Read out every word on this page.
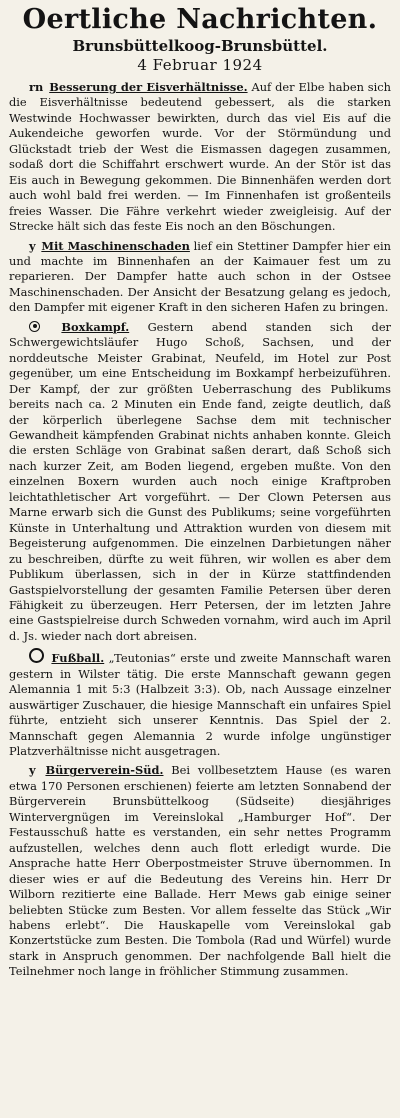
Oertliche Nachrichten.
Brunsbüttelkoog-Brunsbüttel.
4 Februar 1924

rn Besserung der Eisverhältnisse. Auf der Elbe haben sich die Eisverhältnisse bedeutend gebessert, als die starken Westwinde Hochwasser bewirkten, durch das viel Eis auf die Aukendeiche geworfen wurde. Vor der Störmündung und Glückstadt trieb der West die Eismassen dagegen zusammen, sodaß dort die Schiffahrt erschwert wurde. An der Stör ist das Eis auch in Bewegung gekommen. Die Binnenhäfen werden dort auch wohl bald frei werden. — Im Finnenhafen ist großenteils freies Wasser. Die Fähre verkehrt wieder zweigleisig. Auf der Strecke hält sich das feste Eis noch an den Böschungen.

y Mit Maschinenschaden lief ein Stettiner Dampfer hier ein und machte im Binnenhafen an der Kaimauer fest um zu reparieren. Der Dampfer hatte auch schon in der Ostsee Maschinenschaden. Der Ansicht der Besatzung gelang es jedoch, den Dampfer mit eigener Kraft in den sicheren Hafen zu bringen.

Boxkampf. Gestern abend standen sich der Schwergewichtsläufer Hugo Schoß, Sachsen, und der norddeutsche Meister Grabinat, Neufeld, im Hotel zur Post gegenüber, um eine Entscheidung im Boxkampf herbeizuführen. Der Kampf, der zur größten Ueberraschung des Publikums bereits nach ca. 2 Minuten ein Ende fand, zeigte deutlich, daß der körperlich überlegene Sachse dem mit technischer Gewandheit kämpfenden Grabinat nichts anhaben konnte. Gleich die ersten Schläge von Grabinat saßen derart, daß Schoß sich nach kurzer Zeit, am Boden liegend, ergeben mußte. Von den einzelnen Boxern wurden auch noch einige Kraftproben leichtathletischer Art vorgeführt. — Der Clown Petersen aus Marne erwarb sich die Gunst des Publikums; seine vorgeführten Künste in Unterhaltung und Attraktion wurden von diesem mit Begeisterung aufgenommen. Die einzelnen Darbietungen näher zu beschreiben, dürfte zu weit führen, wir wollen es aber dem Publikum überlassen, sich in der in Kürze stattfindenden Gastspielvorstellung der gesamten Familie Petersen über deren Fähigkeit zu überzeugen. Herr Petersen, der im letzten Jahre eine Gastspielreise durch Schweden vornahm, wird auch im April d. Js. wieder nach dort abreisen.

Fußball. „Teutonias“ erste und zweite Mannschaft waren gestern in Wilster tätig. Die erste Mannschaft gewann gegen Alemannia 1 mit 5:3 (Halbzeit 3:3). Ob, nach Aussage einzelner auswärtiger Zuschauer, die hiesige Mannschaft ein unfaires Spiel führte, entzieht sich unserer Kenntnis. Das Spiel der 2. Mannschaft gegen Alemannia 2 wurde infolge ungünstiger Platzverhältnisse nicht ausgetragen.

y Bürgerverein-Süd. Bei vollbesetztem Hause (es waren etwa 170 Personen erschienen) feierte am letzten Sonnabend der Bürgerverein Brunsbüttelkoog (Südseite) diesjähriges Wintervergnügen im Vereinslokal „Hamburger Hof“. Der Festausschuß hatte es verstanden, ein sehr nettes Programm aufzustellen, welches denn auch flott erledigt wurde. Die Ansprache hatte Herr Oberpostmeister Struve übernommen. In dieser wies er auf die Bedeutung des Vereins hin. Herr Dr Wilborn rezitierte eine Ballade. Herr Mews gab einige seiner beliebten Stücke zum Besten. Vor allem fesselte das Stück „Wir habens erlebt“. Die Hauskapelle vom Vereinslokal gab Konzertstücke zum Besten. Die Tombola (Rad und Würfel) wurde stark in Anspruch genommen. Der nachfolgende Ball hielt die Teilnehmer noch lange in fröhlicher Stimmung zusammen.
